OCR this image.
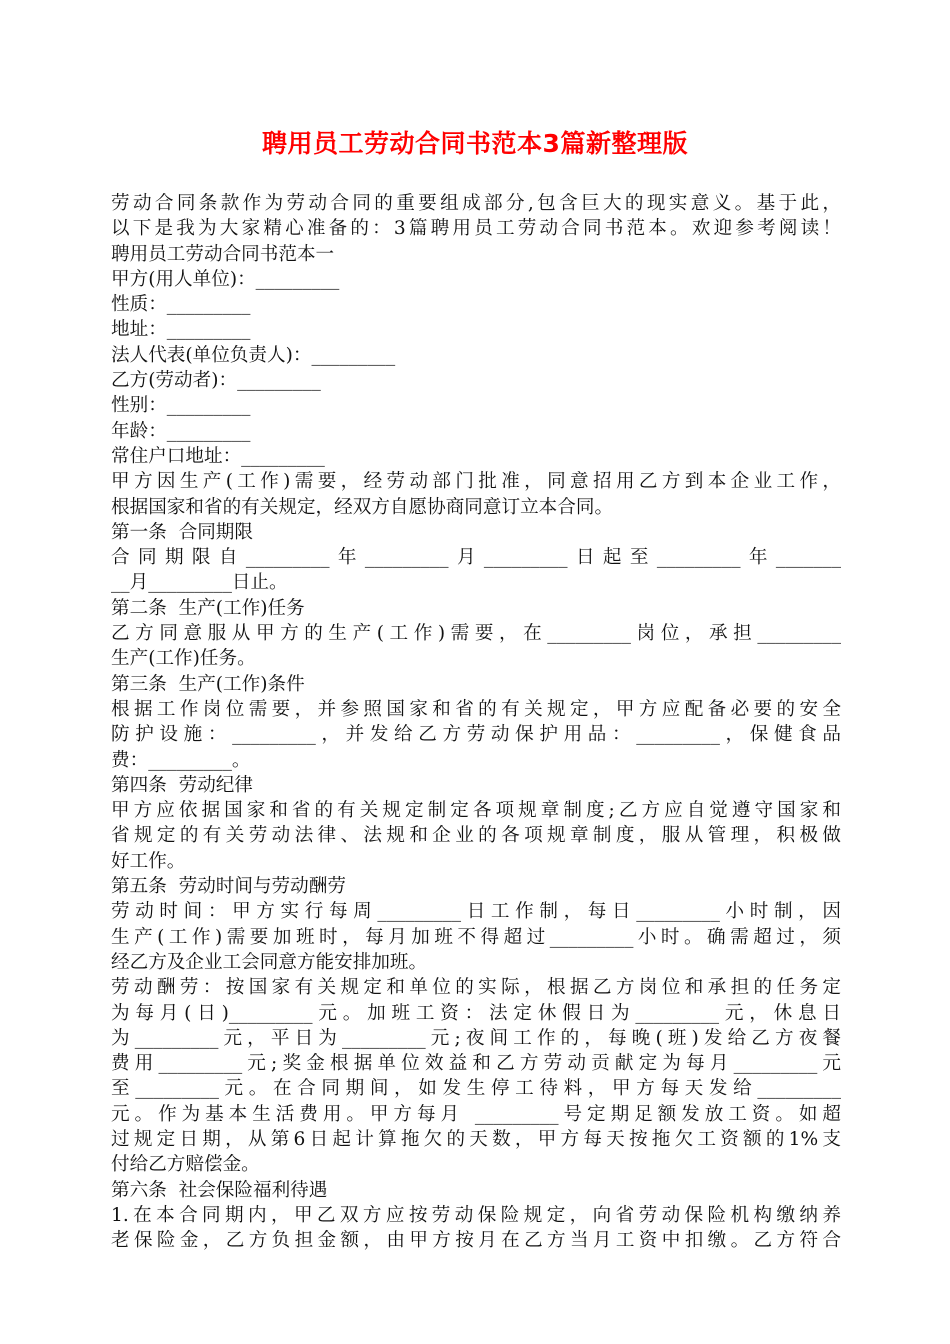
聘用员工劳动合同书范本3篇新整理版
劳动合同条款作为劳动合同的重要组成部分,包含巨大的现实意义。基于此，
以下是我为大家精心准备的：3篇聘用员工劳动合同书范本。欢迎参考阅读！
聘用员工劳动合同书范本一
甲方(用人单位)：_________
性质：_________
地址：_________
法人代表(单位负责人)：_________
乙方(劳动者)：_________
性别：_________
年龄：_________
常住户口地址：_________
甲方因生产(工作)需要，经劳动部门批准，同意招用乙方到本企业工作，
根据国家和省的有关规定，经双方自愿协商同意订立本合同。
第一条  合同期限
合同期限自_________年_________月_________日起至_________年_______
__月_________日止。
第二条  生产(工作)任务
乙方同意服从甲方的生产(工作)需要，在_________岗位，承担_________
生产(工作)任务。
第三条  生产(工作)条件
根据工作岗位需要，并参照国家和省的有关规定，甲方应配备必要的安全
防护设施：_________，并发给乙方劳动保护用品：_________，保健食品
费：_________。
第四条  劳动纪律
甲方应依据国家和省的有关规定制定各项规章制度;乙方应自觉遵守国家和
省规定的有关劳动法律、法规和企业的各项规章制度，服从管理，积极做
好工作。
第五条  劳动时间与劳动酬劳
劳动时间：甲方实行每周_________日工作制，每日_________小时制，因
生产(工作)需要加班时，每月加班不得超过_________小时。确需超过，须
经乙方及企业工会同意方能安排加班。
劳动酬劳：按国家有关规定和单位的实际，根据乙方岗位和承担的任务定
为每月(日)_________元。加班工资：法定休假日为_________元，休息日
为_________元，平日为_________元;夜间工作的，每晚(班)发给乙方夜餐
费用_________元;奖金根据单位效益和乙方劳动贡献定为每月_________元
至_________元。在合同期间，如发生停工待料，甲方每天发给_________
元。作为基本生活费用。甲方每月 _________号定期足额发放工资。如超
过规定日期，从第6日起计算拖欠的天数，甲方每天按拖欠工资额的1%支
付给乙方赔偿金。
第六条  社会保险福利待遇
1.在本合同期内，甲乙双方应按劳动保险规定，向省劳动保险机构缴纳养
老保险金，乙方负担金额，由甲方按月在乙方当月工资中扣缴。乙方符合
